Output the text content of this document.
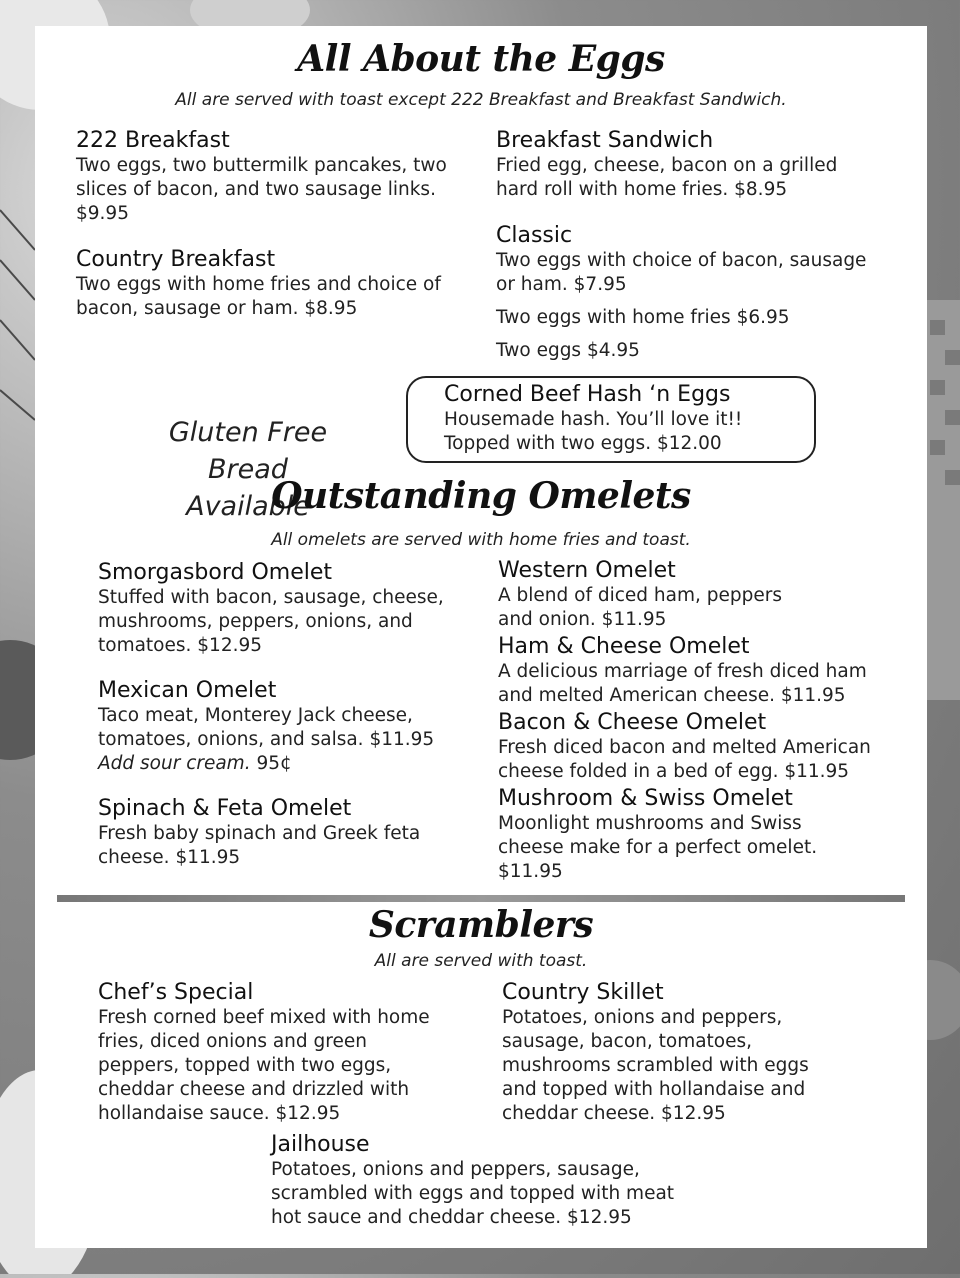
All About the Eggs

All are served with toast except 222 Breakfast and Breakfast Sandwich.

222 Breakfast

Two eggs, two buttermilk pancakes, two slices of bacon, and two sausage links. $9.95

Country Breakfast

Two eggs with home fries and choice of bacon, sausage or ham. $8.95

Breakfast Sandwich

Fried egg, cheese, bacon on a grilled hard roll with home fries. $8.95

Classic

Two eggs with choice of bacon, sausage or ham. $7.95

Two eggs with home fries $6.95

Two eggs $4.95

Gluten Free
Bread Available
Corned Beef Hash ‘n Eggs

Housemade hash. You’ll love it!!

Topped with two eggs. $12.00

Outstanding Omelets

All omelets are served with home fries and toast.

Smorgasbord Omelet

Stuffed with bacon, sausage, cheese, mushrooms, peppers, onions, and tomatoes. $12.95

Mexican Omelet

Taco meat, Monterey Jack cheese, tomatoes, onions, and salsa. $11.95

Add sour cream. 95¢

Spinach & Feta Omelet

Fresh baby spinach and Greek feta cheese. $11.95

Western Omelet

A blend of diced ham, peppers and onion. $11.95

Ham & Cheese Omelet

A delicious marriage of fresh diced ham and melted American cheese. $11.95

Bacon & Cheese Omelet

Fresh diced bacon and melted American cheese folded in a bed of egg. $11.95

Mushroom & Swiss Omelet

Moonlight mushrooms and Swiss cheese make for a perfect omelet. $11.95

Scramblers

All are served with toast.

Chef’s Special

Fresh corned beef mixed with home fries, diced onions and green peppers, topped with two eggs, cheddar cheese and drizzled with hollandaise sauce. $12.95

Country Skillet

Potatoes, onions and peppers, sausage, bacon, tomatoes, mushrooms scrambled with eggs and topped with hollandaise and cheddar cheese. $12.95

Jailhouse

Potatoes, onions and peppers, sausage, scrambled with eggs and topped with meat hot sauce and cheddar cheese. $12.95
